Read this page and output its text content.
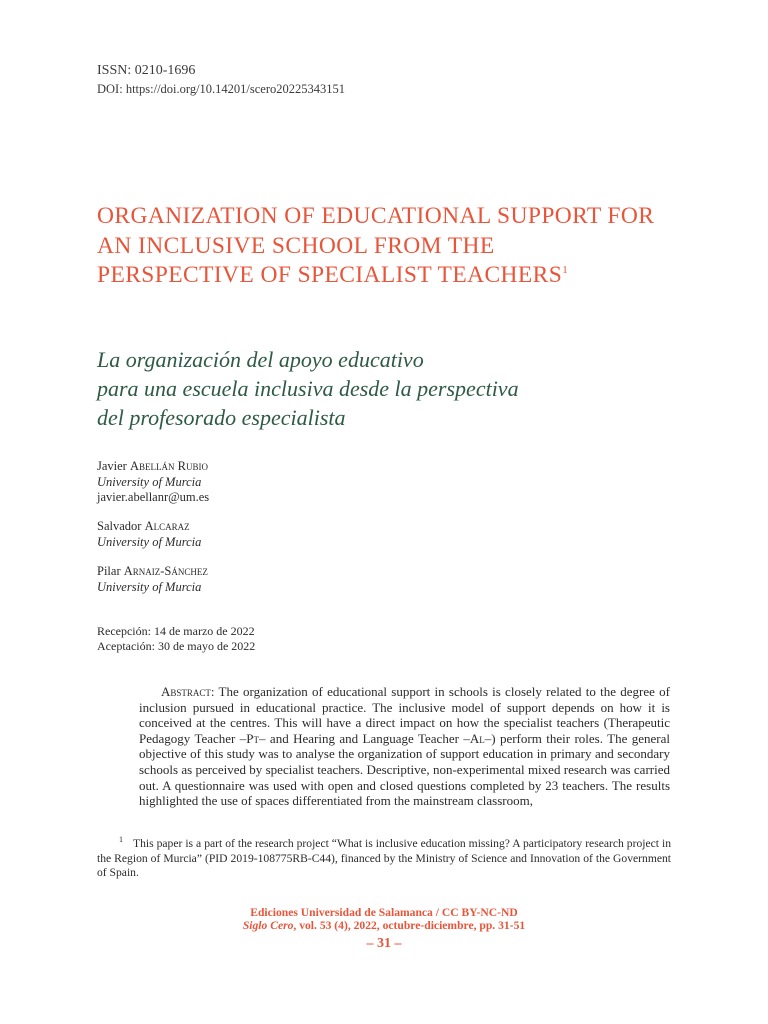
ISSN: 0210-1696
DOI: https://doi.org/10.14201/scero20225343151
ORGANIZATION OF EDUCATIONAL SUPPORT FOR AN INCLUSIVE SCHOOL FROM THE PERSPECTIVE OF SPECIALIST TEACHERS$^1$
La organización del apoyo educativo
para una escuela inclusiva desde la perspectiva
del profesorado especialista
Javier Abellán Rubio
University of Murcia
javier.abellanr@um.es
Salvador Alcaraz
University of Murcia
Pilar Arnaiz-Sánchez
University of Murcia
Recepción: 14 de marzo de 2022
Aceptación: 30 de mayo de 2022

Abstract: The organization of educational support in schools is closely related to the degree of inclusion pursued in educational practice. The inclusive model of support depends on how it is conceived at the centres. This will have a direct impact on how the specialist teachers (Therapeutic Pedagogy Teacher –Pt– and Hearing and Language Teacher –Al–) perform their roles. The general objective of this study was to analyse the organization of support education in primary and secondary schools as perceived by specialist teachers. Descriptive, non-experimental mixed research was carried out. A questionnaire was used with open and closed questions completed by 23 teachers. The results highlighted the use of spaces differentiated from the mainstream classroom,

$^1$ This paper is a part of the research project “What is inclusive education missing? A participatory research project in the Region of Murcia” (PID 2019-108775RB-C44), financed by the Ministry of Science and Innovation of the Government of Spain.

Ediciones Universidad de Salamanca / CC BY-NC-ND
Siglo Cero, vol. 53 (4), 2022, octubre-diciembre, pp. 31-51
– 31 –
